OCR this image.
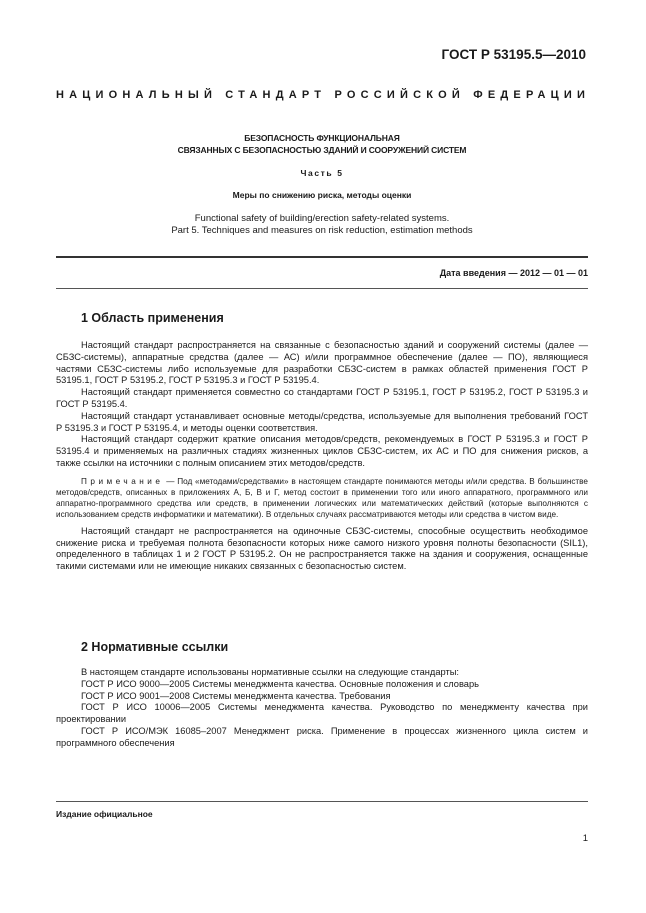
ГОСТ Р 53195.5—2010
НАЦИОНАЛЬНЫЙ СТАНДАРТ РОССИЙСКОЙ ФЕДЕРАЦИИ
БЕЗОПАСНОСТЬ ФУНКЦИОНАЛЬНАЯ
СВЯЗАННЫХ С БЕЗОПАСНОСТЬЮ ЗДАНИЙ И СООРУЖЕНИЙ СИСТЕМ
Часть 5
Меры по снижению риска, методы оценки
Functional safety of building/erection safety-related systems.
Part 5. Techniques and measures on risk reduction, estimation methods
Дата введения — 2012 — 01 — 01
1 Область применения

Настоящий стандарт распространяется на связанные с безопасностью зданий и сооружений системы (далее — СБЗС-системы), аппаратные средства (далее — АС) и/или программное обеспечение (далее — ПО), являющиеся частями СБЗС-системы либо используемые для разработки СБЗС-систем в рамках областей применения ГОСТ Р 53195.1, ГОСТ Р 53195.2, ГОСТ Р 53195.3 и ГОСТ Р 53195.4.

Настоящий стандарт применяется совместно со стандартами ГОСТ Р 53195.1, ГОСТ Р 53195.2, ГОСТ Р 53195.3 и ГОСТ Р 53195.4.

Настоящий стандарт устанавливает основные методы/средства, используемые для выполнения требований ГОСТ Р 53195.3 и ГОСТ Р 53195.4, и методы оценки соответствия.

Настоящий стандарт содержит краткие описания методов/средств, рекомендуемых в ГОСТ Р 53195.3 и ГОСТ Р 53195.4 и применяемых на различных стадиях жизненных циклов СБЗС-систем, их АС и ПО для снижения рисков, а также ссылки на источники с полным описанием этих методов/средств.

Примечание — Под «методами/средствами» в настоящем стандарте понимаются методы и/или средства. В большинстве методов/средств, описанных в приложениях А, Б, В и Г, метод состоит в применении того или иного аппаратного, программного или аппаратно-программного средства или средств, в применении логических или математических действий (которые выполняются с использованием средств информатики и математики). В отдельных случаях рассматриваются методы или средства в чистом виде.

Настоящий стандарт не распространяется на одиночные СБЗС-системы, способные осуществить необходимое снижение риска и требуемая полнота безопасности которых ниже самого низкого уровня полноты безопасности (SIL1), определенного в таблицах 1 и 2 ГОСТ Р 53195.2. Он не распространяется также на здания и сооружения, оснащенные такими системами или не имеющие никаких связанных с безопасностью систем.

2 Нормативные ссылки

В настоящем стандарте использованы нормативные ссылки на следующие стандарты:

ГОСТ Р ИСО 9000—2005 Системы менеджмента качества. Основные положения и словарь

ГОСТ Р ИСО 9001—2008 Системы менеджмента качества. Требования

ГОСТ Р ИСО 10006—2005 Системы менеджмента качества. Руководство по менеджменту качества при проектировании

ГОСТ Р ИСО/МЭК 16085–2007 Менеджмент риска. Применение в процессах жизненного цикла систем и программного обеспечения

Издание официальное
1
